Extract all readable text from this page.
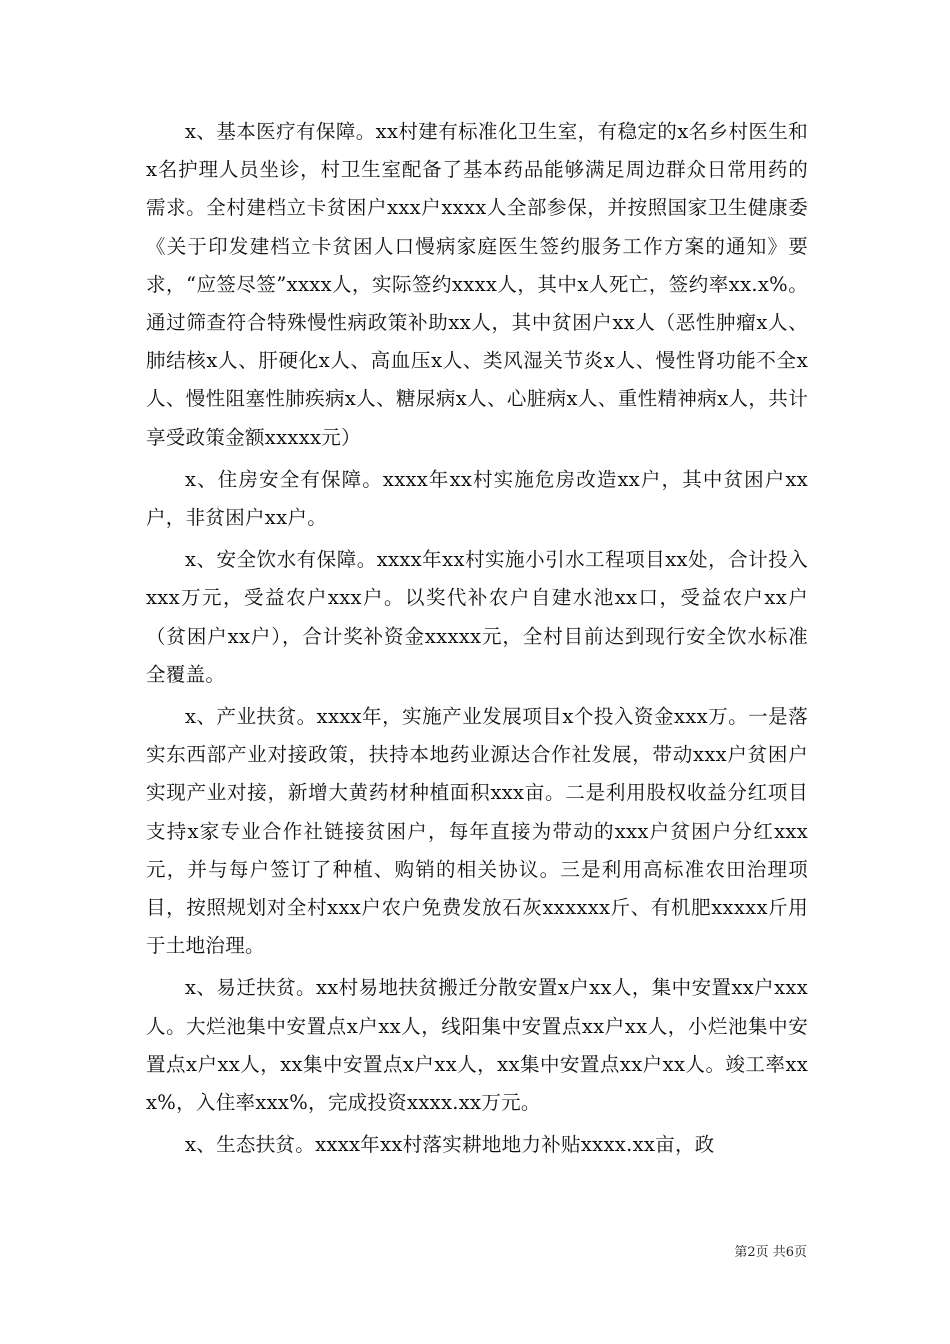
x、基本医疗有保障。xx村建有标准化卫生室，有稳定的x名乡村医生和x名护理人员坐诊，村卫生室配备了基本药品能够满足周边群众日常用药的需求。全村建档立卡贫困户xxx户xxxx人全部参保，并按照国家卫生健康委《关于印发建档立卡贫困人口慢病家庭医生签约服务工作方案的通知》要求，“应签尽签”xxxx人，实际签约xxxx人，其中x人死亡，签约率xx.x%。通过筛查符合特殊慢性病政策补助xx人，其中贫困户xx人（恶性肿瘤x人、肺结核x人、肝硬化x人、高血压x人、类风湿关节炎x人、慢性肾功能不全x人、慢性阻塞性肺疾病x人、糖尿病x人、心脏病x人、重性精神病x人，共计享受政策金额xxxxx元）

x、住房安全有保障。xxxx年xx村实施危房改造xx户，其中贫困户xx户，非贫困户xx户。

x、安全饮水有保障。xxxx年xx村实施小引水工程项目xx处，合计投入xxx万元，受益农户xxx户。以奖代补农户自建水池xx口，受益农户xx户（贫困户xx户），合计奖补资金xxxxx元，全村目前达到现行安全饮水标准全覆盖。

x、产业扶贫。xxxx年，实施产业发展项目x个投入资金xxx万。一是落实东西部产业对接政策，扶持本地药业源达合作社发展，带动xxx户贫困户实现产业对接，新增大黄药材种植面积xxx亩。二是利用股权收益分红项目支持x家专业合作社链接贫困户，每年直接为带动的xxx户贫困户分红xxx元，并与每户签订了种植、购销的相关协议。三是利用高标准农田治理项目，按照规划对全村xxx户农户免费发放石灰xxxxxx斤、有机肥xxxxx斤用于土地治理。

x、易迁扶贫。xx村易地扶贫搬迁分散安置x户xx人，集中安置xx户xxx人。大烂池集中安置点x户xx人，线阳集中安置点xx户xx人，小烂池集中安置点x户xx人，xx集中安置点x户xx人，xx集中安置点xx户xx人。竣工率xxx%，入住率xxx%，完成投资xxxx.xx万元。

x、生态扶贫。xxxx年xx村落实耕地地力补贴xxxx.xx亩，政

第2页 共6页
